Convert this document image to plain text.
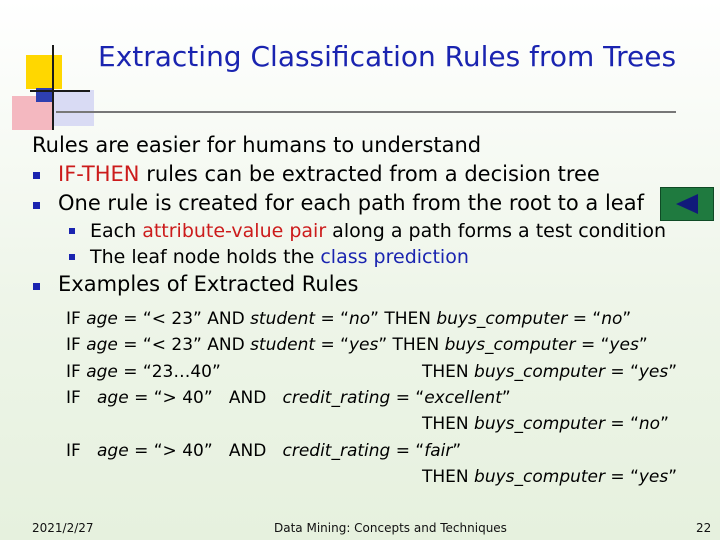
Extracting Classification Rules from Trees
Rules are easier for humans to understand
IF-THEN rules can be extracted from a decision tree
One rule is created for each path from the root to a leaf
Each attribute-value pair along a path forms a test condition
The leaf node holds the class prediction
Examples of Extracted Rules
IF age = “< 23” AND student = “no” THEN buys_computer = “no”
IF age = “< 23” AND student = “yes” THEN buys_computer = “yes”
IF age = “23…40”	THEN buys_computer = “yes”
IF   age = “> 40”   AND   credit_rating = “excellent”
THEN buys_computer = “no”
IF   age = “> 40”   AND   credit_rating = “fair”
THEN buys_computer = “yes”
2021/2/27	Data Mining: Concepts and Techniques	22
